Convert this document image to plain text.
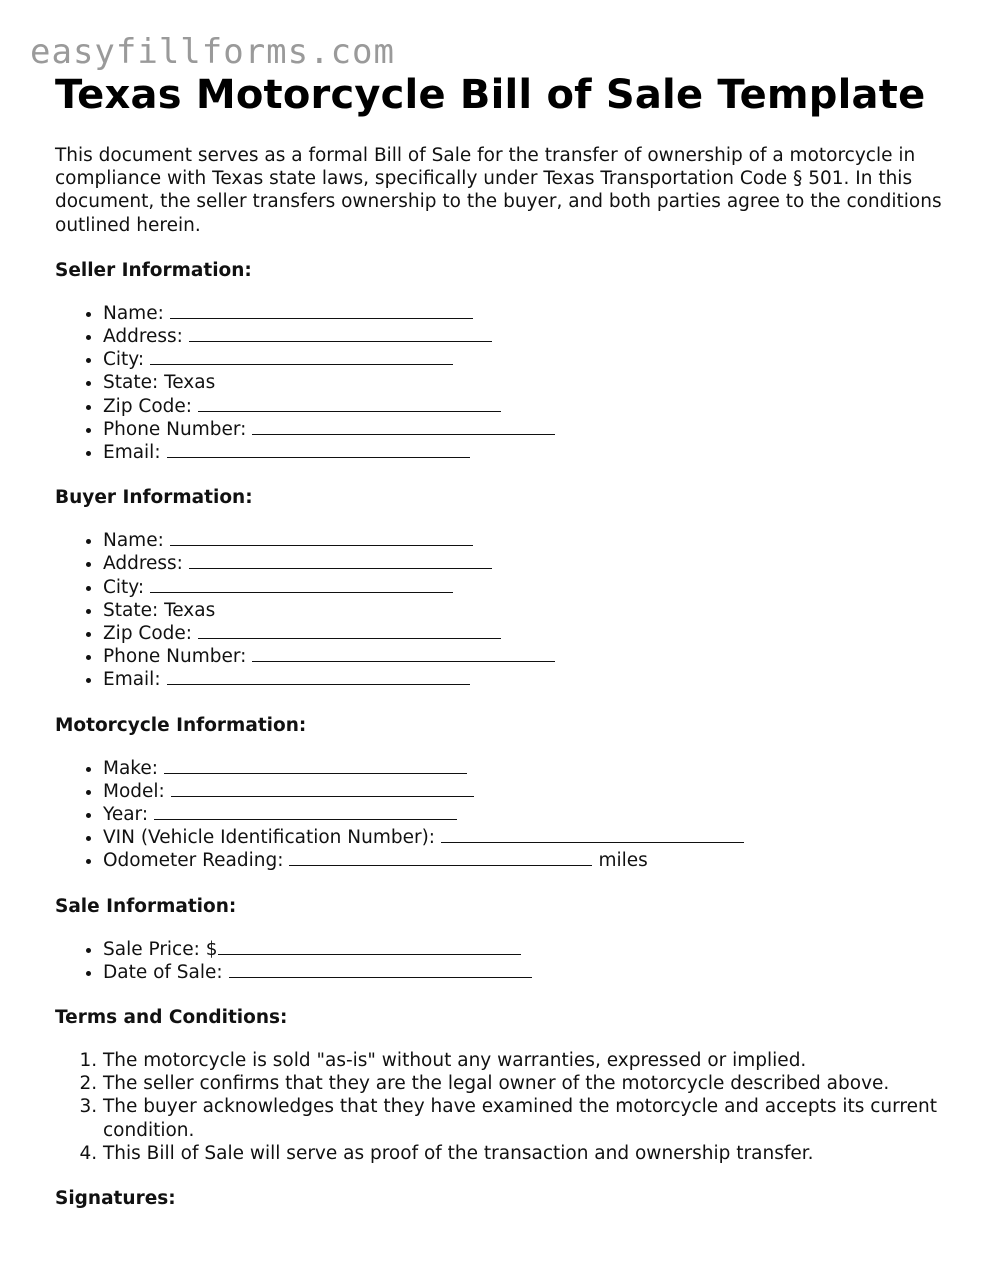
easyfillforms.com
Texas Motorcycle Bill of Sale Template

This document serves as a formal Bill of Sale for the transfer of ownership of a motorcycle in compliance with Texas state laws, specifically under Texas Transportation Code § 501. In this document, the seller transfers ownership to the buyer, and both parties agree to the conditions outlined herein.

Seller Information:
• Name:
• Address:
• City:
• State: Texas
• Zip Code:
• Phone Number:
• Email:
Buyer Information:
• Name:
• Address:
• City:
• State: Texas
• Zip Code:
• Phone Number:
• Email:
Motorcycle Information:
• Make:
• Model:
• Year:
• VIN (Vehicle Identification Number):
• Odometer Reading:	miles
Sale Information:
• Sale Price: $
• Date of Sale:
Terms and Conditions:
1. The motorcycle is sold "as-is" without any warranties, expressed or implied.
2. The seller confirms that they are the legal owner of the motorcycle described above.
3. The buyer acknowledges that they have examined the motorcycle and accepts its current condition.
4. This Bill of Sale will serve as proof of the transaction and ownership transfer.
Signatures:
